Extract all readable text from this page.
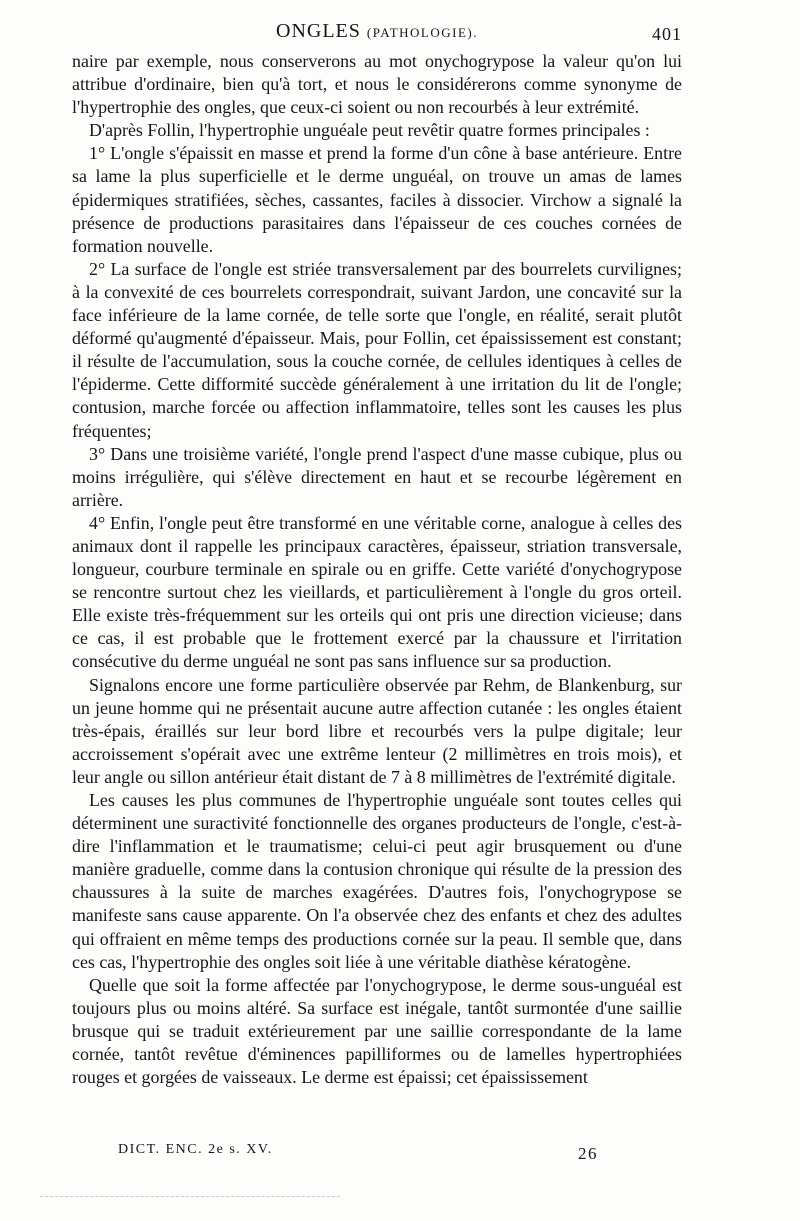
ONGLES (PATHOLOGIE).	401

naire par exemple, nous conserverons au mot onychogrypose la valeur qu'on lui attribue d'ordinaire, bien qu'à tort, et nous le considérerons comme synonyme de l'hypertrophie des ongles, que ceux-ci soient ou non recourbés à leur extrémité.

D'après Follin, l'hypertrophie unguéale peut revêtir quatre formes principales :

1° L'ongle s'épaissit en masse et prend la forme d'un cône à base antérieure. Entre sa lame la plus superficielle et le derme unguéal, on trouve un amas de lames épidermiques stratifiées, sèches, cassantes, faciles à dissocier. Virchow a signalé la présence de productions parasitaires dans l'épaisseur de ces couches cornées de formation nouvelle.

2° La surface de l'ongle est striée transversalement par des bourrelets curvilignes; à la convexité de ces bourrelets correspondrait, suivant Jardon, une concavité sur la face inférieure de la lame cornée, de telle sorte que l'ongle, en réalité, serait plutôt déformé qu'augmenté d'épaisseur. Mais, pour Follin, cet épaississement est constant; il résulte de l'accumulation, sous la couche cornée, de cellules identiques à celles de l'épiderme. Cette difformité succède généralement à une irritation du lit de l'ongle; contusion, marche forcée ou affection inflammatoire, telles sont les causes les plus fréquentes;

3° Dans une troisième variété, l'ongle prend l'aspect d'une masse cubique, plus ou moins irrégulière, qui s'élève directement en haut et se recourbe légèrement en arrière.

4° Enfin, l'ongle peut être transformé en une véritable corne, analogue à celles des animaux dont il rappelle les principaux caractères, épaisseur, striation transversale, longueur, courbure terminale en spirale ou en griffe. Cette variété d'onychogrypose se rencontre surtout chez les vieillards, et particulièrement à l'ongle du gros orteil. Elle existe très-fréquemment sur les orteils qui ont pris une direction vicieuse; dans ce cas, il est probable que le frottement exercé par la chaussure et l'irritation consécutive du derme unguéal ne sont pas sans influence sur sa production.

Signalons encore une forme particulière observée par Rehm, de Blankenburg, sur un jeune homme qui ne présentait aucune autre affection cutanée : les ongles étaient très-épais, éraillés sur leur bord libre et recourbés vers la pulpe digitale; leur accroissement s'opérait avec une extrême lenteur (2 millimètres en trois mois), et leur angle ou sillon antérieur était distant de 7 à 8 millimètres de l'extrémité digitale.

Les causes les plus communes de l'hypertrophie unguéale sont toutes celles qui déterminent une suractivité fonctionnelle des organes producteurs de l'ongle, c'est-à-dire l'inflammation et le traumatisme; celui-ci peut agir brusquement ou d'une manière graduelle, comme dans la contusion chronique qui résulte de la pression des chaussures à la suite de marches exagérées. D'autres fois, l'onychogrypose se manifeste sans cause apparente. On l'a observée chez des enfants et chez des adultes qui offraient en même temps des productions cornée sur la peau. Il semble que, dans ces cas, l'hypertrophie des ongles soit liée à une véritable diathèse kératogène.

Quelle que soit la forme affectée par l'onychogrypose, le derme sous-unguéal est toujours plus ou moins altéré. Sa surface est inégale, tantôt surmontée d'une saillie brusque qui se traduit extérieurement par une saillie correspondante de la lame cornée, tantôt revêtue d'éminences papilliformes ou de lamelles hypertrophiées rouges et gorgées de vaisseaux. Le derme est épaissi; cet épaississement

DICT. ENC. 2e s. XV.	26
